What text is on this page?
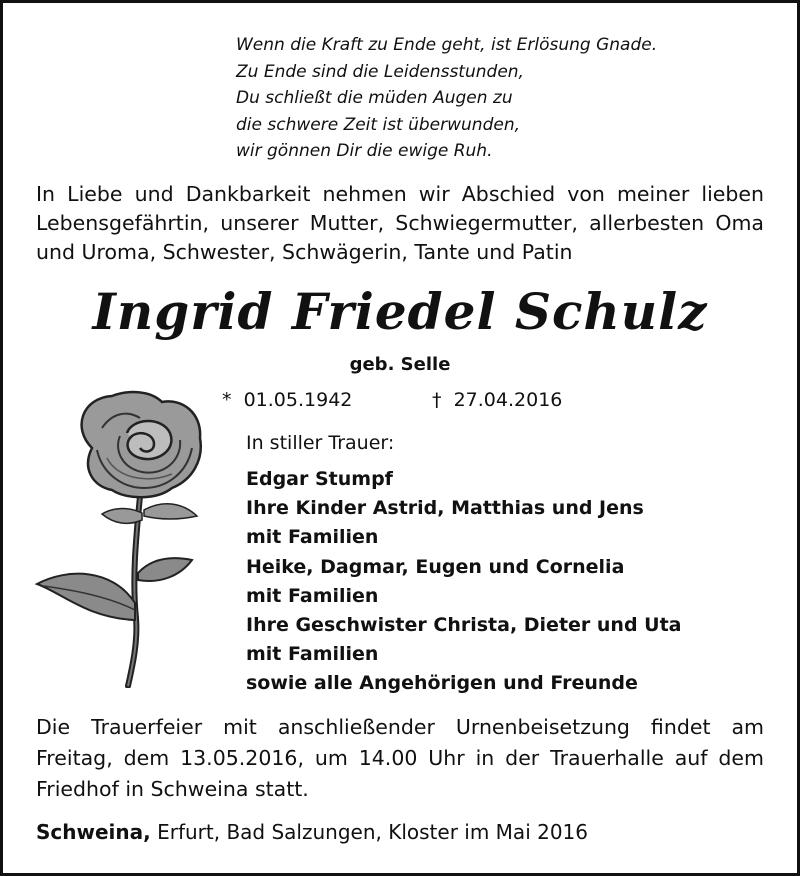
Wenn die Kraft zu Ende geht, ist Erlösung Gnade.
Zu Ende sind die Leidensstunden,
Du schließt die müden Augen zu
die schwere Zeit ist überwunden,
wir gönnen Dir die ewige Ruh.
In Liebe und Dankbarkeit nehmen wir Abschied von meiner lieben
Lebensgefährtin, unserer Mutter, Schwiegermutter, allerbesten Oma
und Uroma, Schwester, Schwägerin, Tante und Patin
Ingrid Friedel Schulz
geb. Selle
* 01.05.1942	† 27.04.2016
In stiller Trauer:
Edgar Stumpf
Ihre Kinder Astrid, Matthias und Jens
mit Familien
Heike, Dagmar, Eugen und Cornelia
mit Familien
Ihre Geschwister Christa, Dieter und Uta
mit Familien
sowie alle Angehörigen und Freunde
Die Trauerfeier mit anschließender Urnenbeisetzung findet am
Freitag, dem 13.05.2016, um 14.00 Uhr in der Trauerhalle auf dem
Friedhof in Schweina statt.
Schweina, Erfurt, Bad Salzungen, Kloster im Mai 2016
